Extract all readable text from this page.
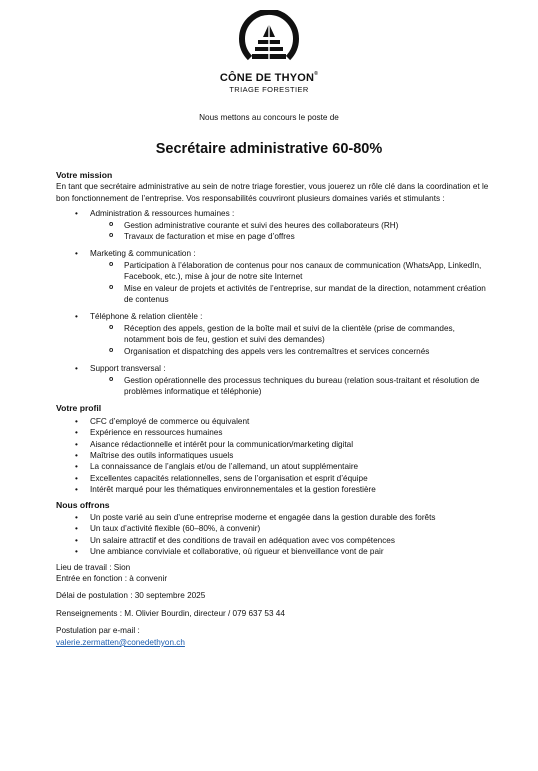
CÔNE DE THYON®
TRIAGE FORESTIER
Nous mettons au concours le poste de
Secrétaire administrative 60-80%
Votre mission

En tant que secrétaire administrative au sein de notre triage forestier, vous jouerez un rôle clé dans la coordination et le bon fonctionnement de l’entreprise. Vos responsabilités couvriront plusieurs domaines variés et stimulants :

• Administration & ressources humaines :
o Gestion administrative courante et suivi des heures des collaborateurs (RH)
o Travaux de facturation et mise en page d’offres
• Marketing & communication :
o Participation à l’élaboration de contenus pour nos canaux de communication (WhatsApp, LinkedIn, Facebook, etc.), mise à jour de notre site Internet
o Mise en valeur de projets et activités de l’entreprise, sur mandat de la direction, notamment création de contenus
• Téléphone & relation clientèle :
o Réception des appels, gestion de la boîte mail et suivi de la clientèle (prise de commandes, notamment bois de feu, gestion et suivi des demandes)
o Organisation et dispatching des appels vers les contremaîtres et services concernés
• Support transversal :
o Gestion opérationnelle des processus techniques du bureau (relation sous-traitant et résolution de problèmes informatique et téléphonie)
Votre profil
• CFC d’employé de commerce ou équivalent
• Expérience en ressources humaines
• Aisance rédactionnelle et intérêt pour la communication/marketing digital
• Maîtrise des outils informatiques usuels
• La connaissance de l’anglais et/ou de l’allemand, un atout supplémentaire
• Excellentes capacités relationnelles, sens de l’organisation et esprit d’équipe
• Intérêt marqué pour les thématiques environnementales et la gestion forestière
Nous offrons
• Un poste varié au sein d’une entreprise moderne et engagée dans la gestion durable des forêts
• Un taux d’activité flexible (60–80%, à convenir)
• Un salaire attractif et des conditions de travail en adéquation avec vos compétences
• Une ambiance conviviale et collaborative, où rigueur et bienveillance vont de pair
Lieu de travail : Sion
Entrée en fonction : à convenir
Délai de postulation : 30 septembre 2025
Renseignements : M. Olivier Bourdin, directeur / 079 637 53 44
Postulation par e-mail :
valerie.zermatten@conedethyon.ch
